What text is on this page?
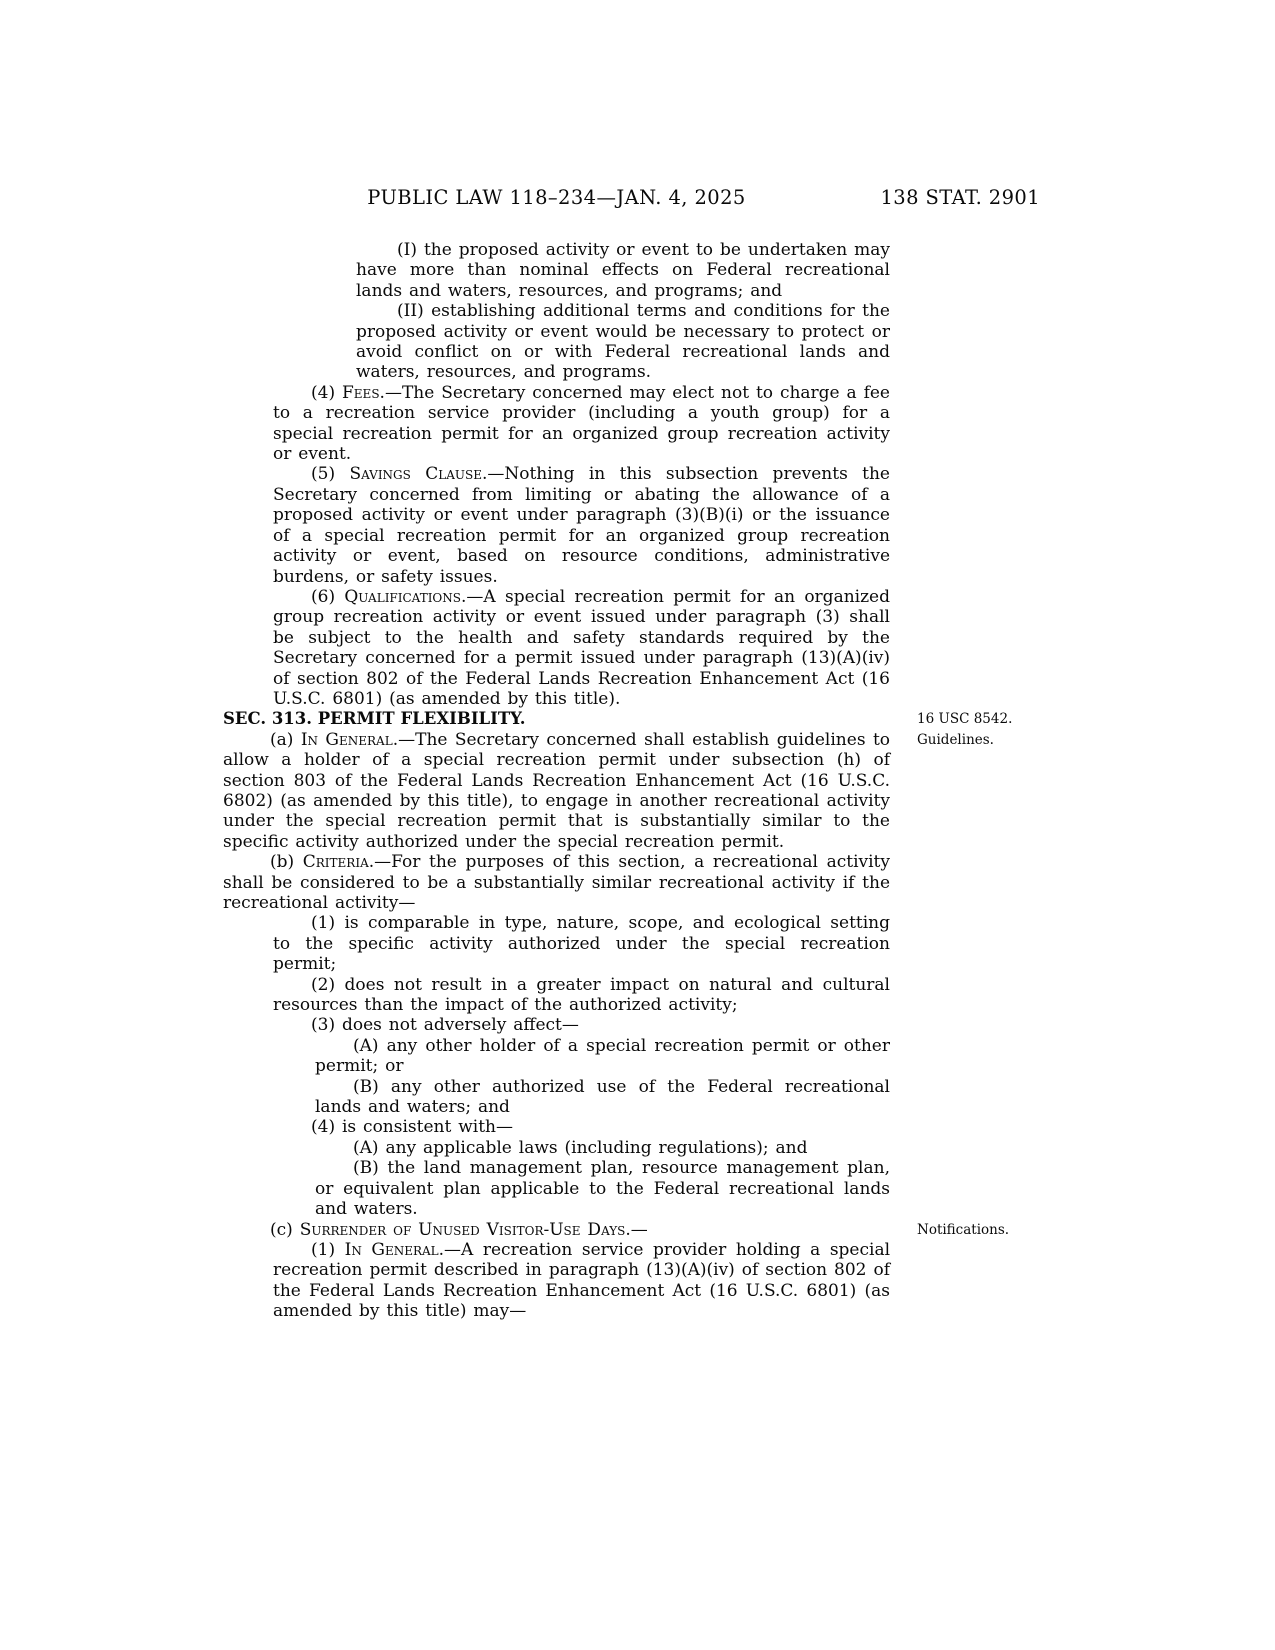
PUBLIC LAW 118–234—JAN. 4, 2025	138 STAT. 2901

(I) the proposed activity or event to be undertaken may have more than nominal effects on Federal recreational lands and waters, resources, and programs; and

(II) establishing additional terms and conditions for the proposed activity or event would be necessary to protect or avoid conflict on or with Federal recreational lands and waters, resources, and programs.

(4) Fees.—The Secretary concerned may elect not to charge a fee to a recreation service provider (including a youth group) for a special recreation permit for an organized group recreation activity or event.

(5) Savings Clause.—Nothing in this subsection prevents the Secretary concerned from limiting or abating the allowance of a proposed activity or event under paragraph (3)(B)(i) or the issuance of a special recreation permit for an organized group recreation activity or event, based on resource conditions, administrative burdens, or safety issues.

(6) Qualifications.—A special recreation permit for an organized group recreation activity or event issued under paragraph (3) shall be subject to the health and safety standards required by the Secretary concerned for a permit issued under paragraph (13)(A)(iv) of section 802 of the Federal Lands Recreation Enhancement Act (16 U.S.C. 6801) (as amended by this title).

SEC. 313. PERMIT FLEXIBILITY.	16 USC 8542.

(a) In General.—The Secretary concerned shall establish guidelines to allow a holder of a special recreation permit under subsection (h) of section 803 of the Federal Lands Recreation Enhancement Act (16 U.S.C. 6802) (as amended by this title), to engage in another recreational activity under the special recreation permit that is substantially similar to the specific activity authorized under the special recreation permit.
Guidelines.

(b) Criteria.—For the purposes of this section, a recreational activity shall be considered to be a substantially similar recreational activity if the recreational activity—

(1) is comparable in type, nature, scope, and ecological setting to the specific activity authorized under the special recreation permit;

(2) does not result in a greater impact on natural and cultural resources than the impact of the authorized activity;

(3) does not adversely affect—

(A) any other holder of a special recreation permit or other permit; or

(B) any other authorized use of the Federal recreational lands and waters; and

(4) is consistent with—

(A) any applicable laws (including regulations); and

(B) the land management plan, resource management plan, or equivalent plan applicable to the Federal recreational lands and waters.

(c) Surrender of Unused Visitor-Use Days.—	Notifications.

(1) In General.—A recreation service provider holding a special recreation permit described in paragraph (13)(A)(iv) of section 802 of the Federal Lands Recreation Enhancement Act (16 U.S.C. 6801) (as amended by this title) may—
